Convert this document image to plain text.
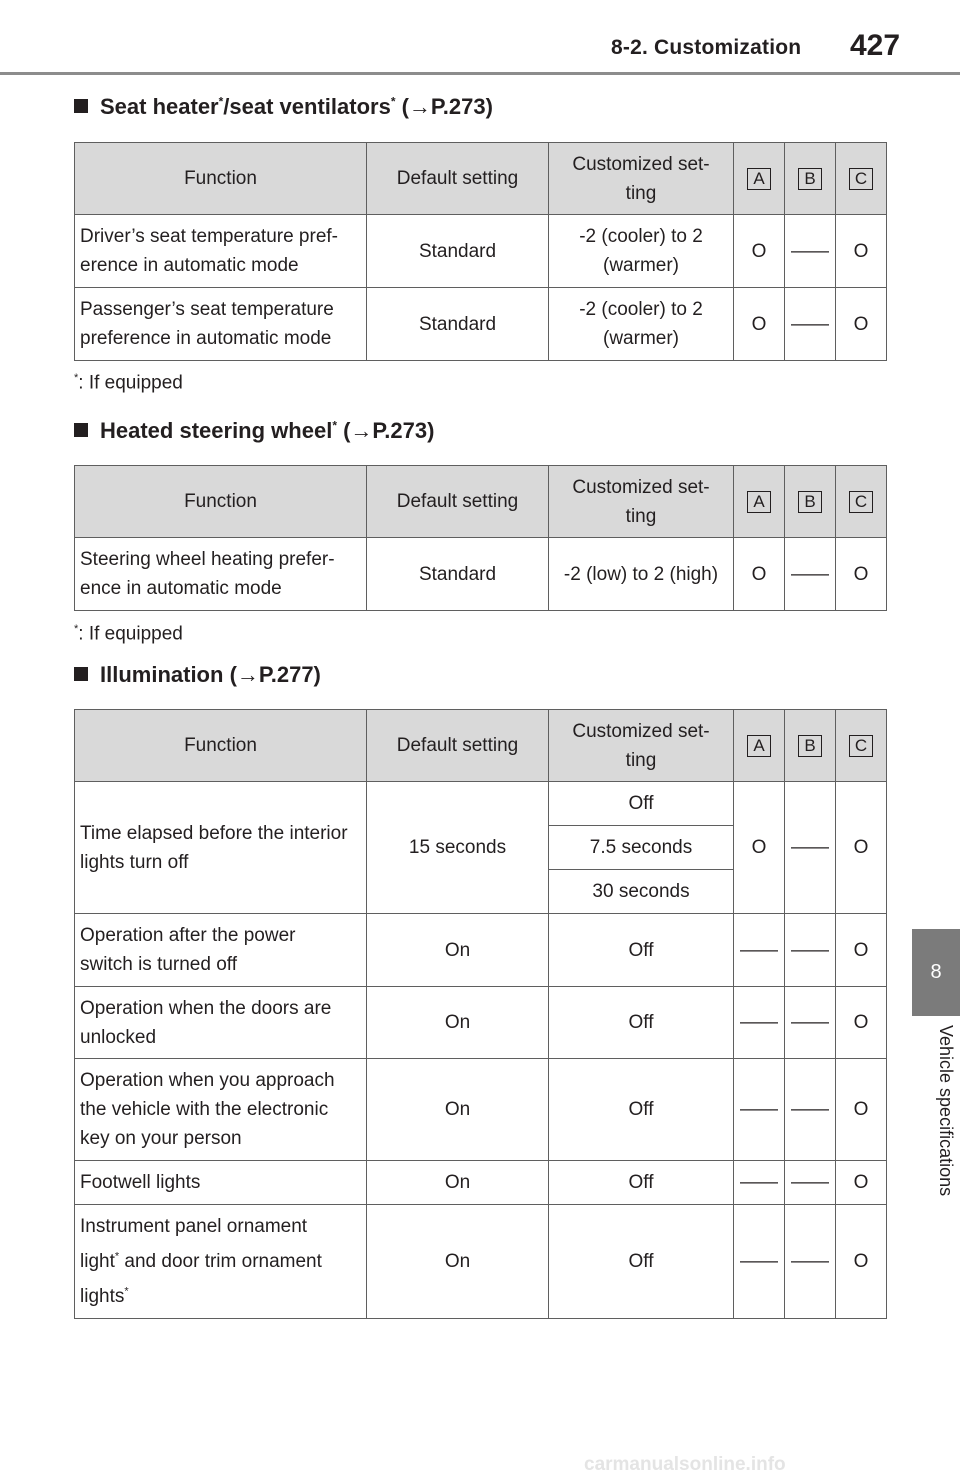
8-2. Customization 427
8
Vehicle specifications
Seat heater*/seat ventilators* (→P.273)
Function	Default setting	Customized set-
ting	A	B	C
Driver’s seat temperature pref-
erence in automatic mode	Standard	-2 (cooler) to 2
(warmer)	O	——	O
Passenger’s seat temperature
preference in automatic mode	Standard	-2 (cooler) to 2
(warmer)	O	——	O
*: If equipped
Heated steering wheel* (→P.273)
Function	Default setting	Customized set-
ting	A	B	C
Steering wheel heating prefer-
ence in automatic mode	Standard	-2 (low) to 2 (high)	O	——	O
*: If equipped
Illumination (→P.277)
Function	Default setting	Customized set-
ting	A	B	C
Time elapsed before the interior
lights turn off	15 seconds	Off	O	——	O
		7.5 seconds			
		30 seconds			
Operation after the power
switch is turned off	On	Off	——	——	O
Operation when the doors are
unlocked	On	Off	——	——	O
Operation when you approach
the vehicle with the electronic
key on your person	On	Off	——	——	O
Footwell lights	On	Off	——	——	O
Instrument panel ornament
light* and door trim ornament
lights*	On	Off	——	——	O
carmanualsonline.info
